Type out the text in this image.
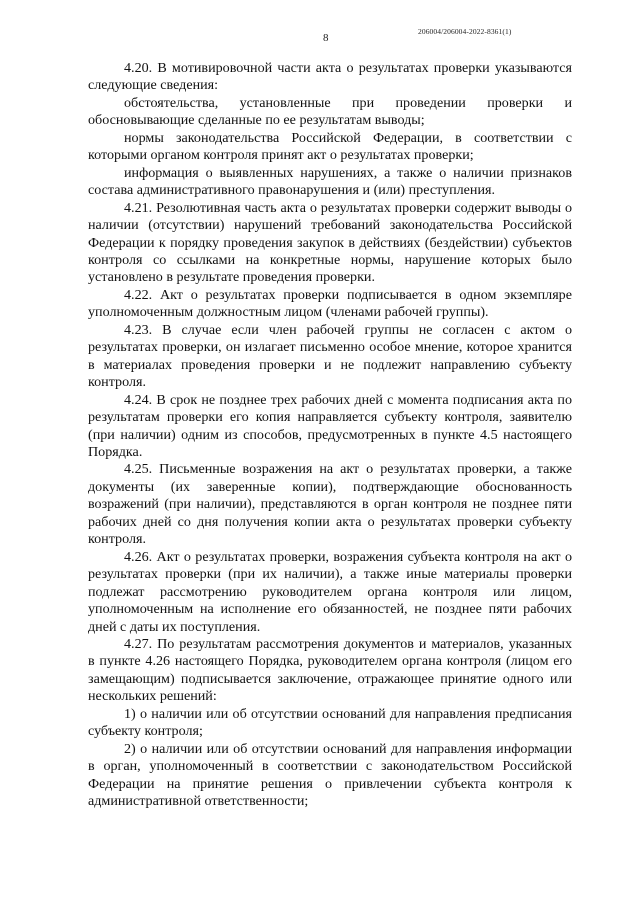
206004/206004-2022-8361(1)
8

4.20. В мотивировочной части акта о результатах проверки указываются следующие сведения:

обстоятельства, установленные при проведении проверки и обосновывающие сделанные по ее результатам выводы;

нормы законодательства Российской Федерации, в соответствии с которыми органом контроля принят акт о результатах проверки;

информация о выявленных нарушениях, а также о наличии признаков состава административного правонарушения и (или) преступления.

4.21. Резолютивная часть акта о результатах проверки содержит выводы о наличии (отсутствии) нарушений требований законодательства Российской Федерации к порядку проведения закупок в действиях (бездействии) субъектов контроля со ссылками на конкретные нормы, нарушение которых было установлено в результате проведения проверки.

4.22. Акт о результатах проверки подписывается в одном экземпляре уполномоченным должностным лицом (членами рабочей группы).

4.23. В случае если член рабочей группы не согласен с актом о результатах проверки, он излагает письменно особое мнение, которое хранится в материалах проведения проверки и не подлежит направлению субъекту контроля.

4.24. В срок не позднее трех рабочих дней с момента подписания акта по результатам проверки его копия направляется субъекту контроля, заявителю (при наличии) одним из способов, предусмотренных в пункте 4.5 настоящего Порядка.

4.25. Письменные возражения на акт о результатах проверки, а также документы (их заверенные копии), подтверждающие обоснованность возражений (при наличии), представляются в орган контроля не позднее пяти рабочих дней со дня получения копии акта о результатах проверки субъекту контроля.

4.26. Акт о результатах проверки, возражения субъекта контроля на акт о результатах проверки (при их наличии), а также иные материалы проверки подлежат рассмотрению руководителем органа контроля или лицом, уполномоченным на исполнение его обязанностей, не позднее пяти рабочих дней с даты их поступления.

4.27. По результатам рассмотрения документов и материалов, указанных в пункте 4.26 настоящего Порядка, руководителем органа контроля (лицом его замещающим) подписывается заключение, отражающее принятие одного или нескольких решений:

1) о наличии или об отсутствии оснований для направления предписания субъекту контроля;

2) о наличии или об отсутствии оснований для направления информации в орган, уполномоченный в соответствии с законодательством Российской Федерации на принятие решения о привлечении субъекта контроля к административной ответственности;
